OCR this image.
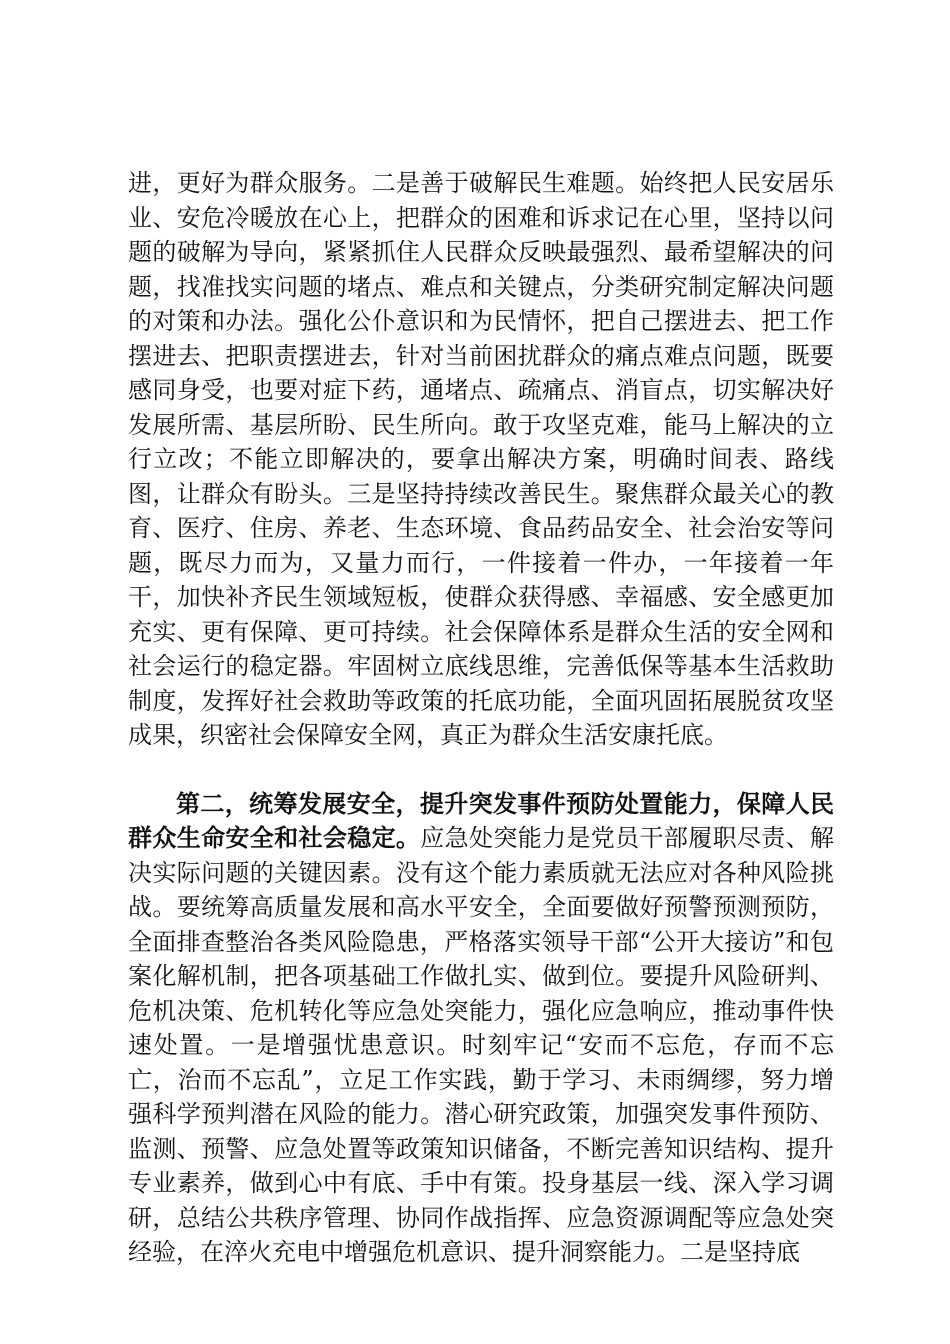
进，更好为群众服务。二是善于破解民生难题。始终把人民安居乐业、安危冷暖放在心上，把群众的困难和诉求记在心里，坚持以问题的破解为导向，紧紧抓住人民群众反映最强烈、最希望解决的问题，找准找实问题的堵点、难点和关键点，分类研究制定解决问题的对策和办法。强化公仆意识和为民情怀，把自己摆进去、把工作摆进去、把职责摆进去，针对当前困扰群众的痛点难点问题，既要感同身受，也要对症下药，通堵点、疏痛点、消盲点，切实解决好发展所需、基层所盼、民生所向。敢于攻坚克难，能马上解决的立行立改；不能立即解决的，要拿出解决方案，明确时间表、路线图，让群众有盼头。三是坚持持续改善民生。聚焦群众最关心的教育、医疗、住房、养老、生态环境、食品药品安全、社会治安等问题，既尽力而为，又量力而行，一件接着一件办，一年接着一年干，加快补齐民生领域短板，使群众获得感、幸福感、安全感更加充实、更有保障、更可持续。社会保障体系是群众生活的安全网和社会运行的稳定器。牢固树立底线思维，完善低保等基本生活救助制度，发挥好社会救助等政策的托底功能，全面巩固拓展脱贫攻坚成果，织密社会保障安全网，真正为群众生活安康托底。

第二，统筹发展安全，提升突发事件预防处置能力，保障人民群众生命安全和社会稳定。应急处突能力是党员干部履职尽责、解决实际问题的关键因素。没有这个能力素质就无法应对各种风险挑战。要统筹高质量发展和高水平安全，全面要做好预警预测预防，全面排查整治各类风险隐患，严格落实领导干部“公开大接访”和包案化解机制，把各项基础工作做扎实、做到位。要提升风险研判、危机决策、危机转化等应急处突能力，强化应急响应，推动事件快速处置。一是增强忧患意识。时刻牢记“安而不忘危，存而不忘亡，治而不忘乱”，立足工作实践，勤于学习、未雨绸缪，努力增强科学预判潜在风险的能力。潜心研究政策，加强突发事件预防、监测、预警、应急处置等政策知识储备，不断完善知识结构、提升专业素养，做到心中有底、手中有策。投身基层一线、深入学习调研，总结公共秩序管理、协同作战指挥、应急资源调配等应急处突经验，在淬火充电中增强危机意识、提升洞察能力。二是坚持底
